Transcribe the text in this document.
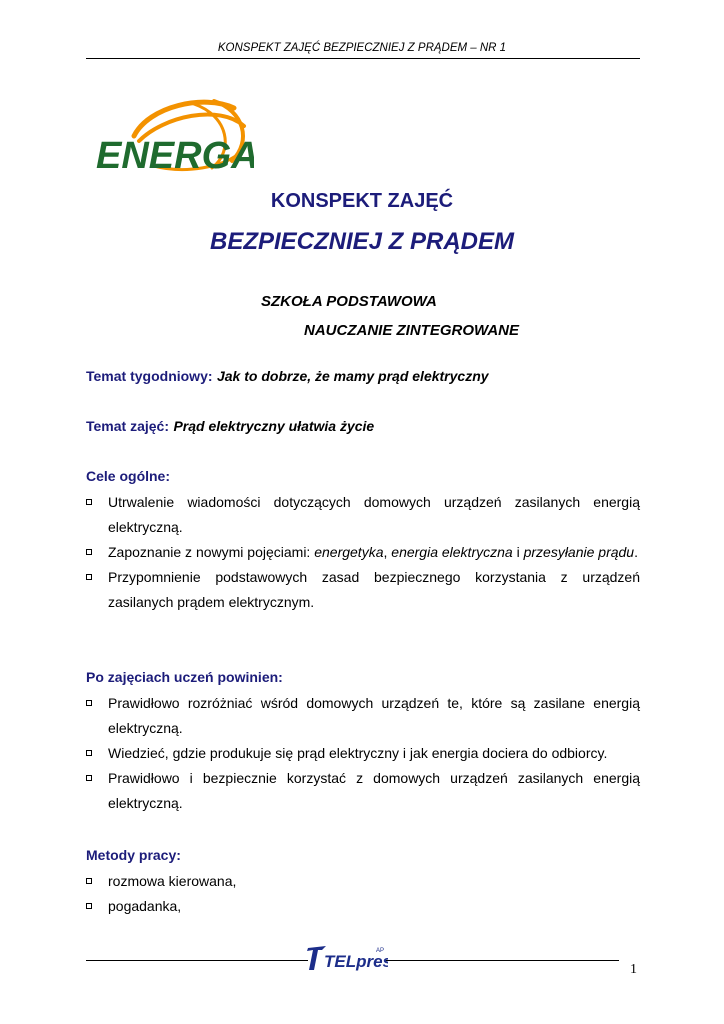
KONSPEKT ZAJĘĆ BEZPIECZNIEJ Z PRĄDEM – NR 1
ENERGA
KONSPEKT ZAJĘĆ
BEZPIECZNIEJ Z PRĄDEM
SZKOŁA PODSTAWOWA
NAUCZANIE ZINTEGROWANE
Temat tygodniowy: Jak to dobrze, że mamy prąd elektryczny
Temat zajęć: Prąd elektryczny ułatwia życie
Cele ogólne:
Utrwalenie wiadomości dotyczących domowych urządzeń zasilanych energią elektryczną.
Zapoznanie z nowymi pojęciami: energetyka, energia elektryczna i przesyłanie prądu.
Przypomnienie podstawowych zasad bezpiecznego korzystania z urządzeń zasilanych prądem elektrycznym.
Po zajęciach uczeń powinien:
Prawidłowo rozróżniać wśród domowych urządzeń te, które są zasilane energią elektryczną.
Wiedzieć, gdzie produkuje się prąd elektryczny i jak energia dociera do odbiorcy.
Prawidłowo i bezpiecznie korzystać z domowych urządzeń zasilanych energią elektryczną.
Metody pracy:
rozmowa kierowana,
pogadanka,
TELpre
AP
1
